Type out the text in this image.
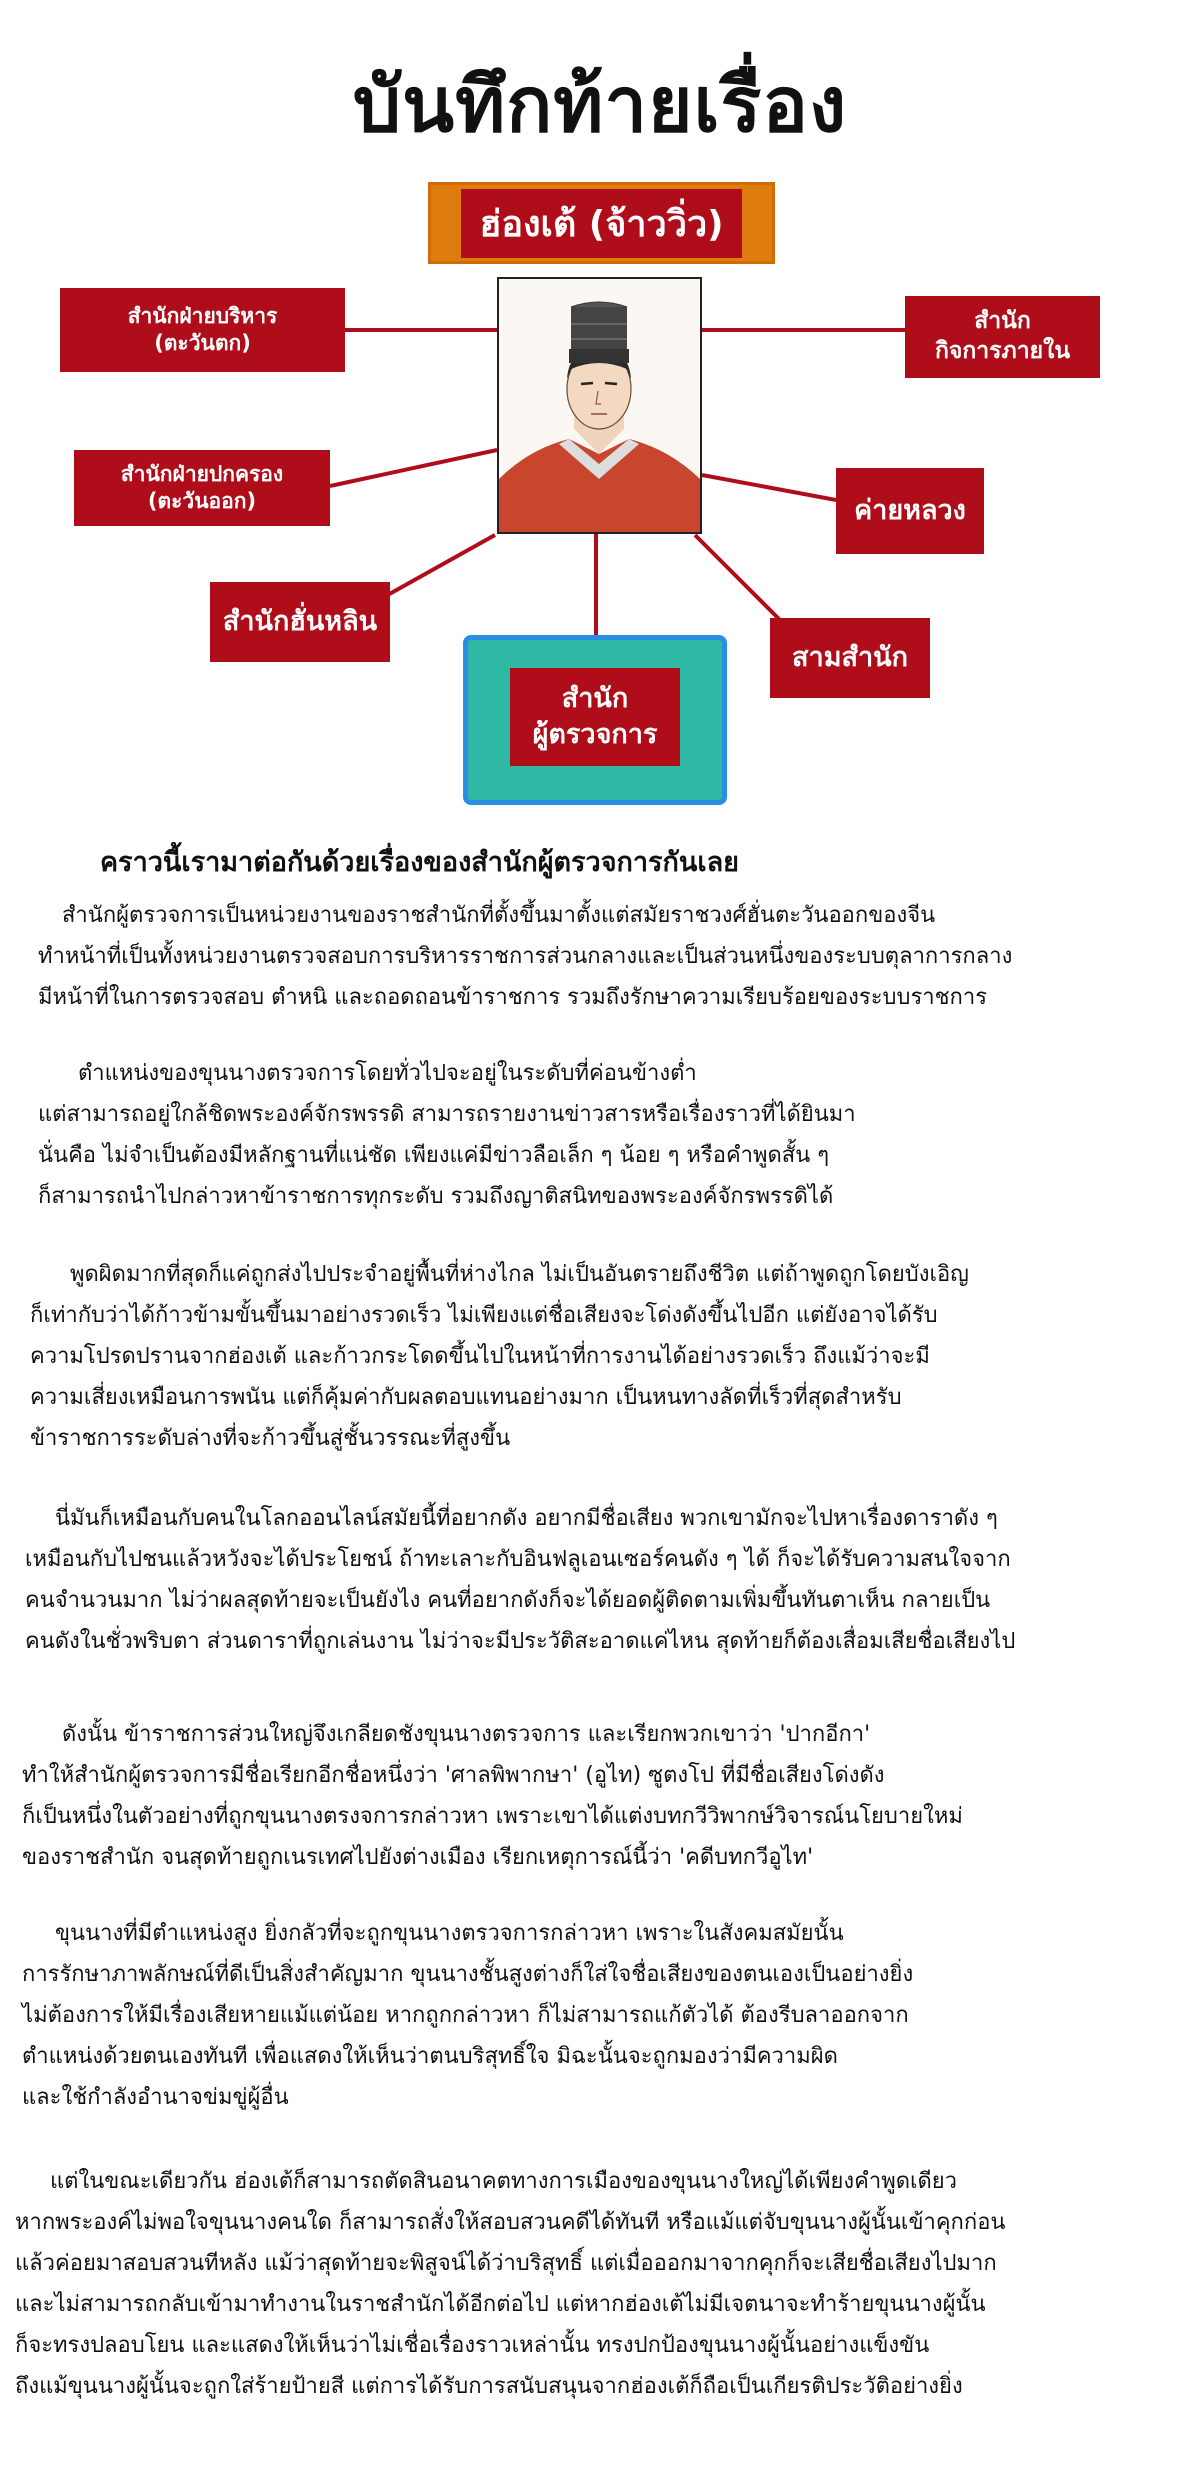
บันทึกท้ายเรื่อง
ฮ่องเต้ (จ้าววิ่ว)
สำนักฝ่ายบริหาร
(ตะวันตก)
สำนัก
กิจการภายใน
สำนักฝ่ายปกครอง
(ตะวันออก)	ค่ายหลวง
สำนักฮั่นหลิน
สามสำนัก
สำนัก
ผู้ตรวจการ
คราวนี้เรามาต่อกันด้วยเรื่องของสำนักผู้ตรวจการกันเลย
สำนักผู้ตรวจการเป็นหน่วยงานของราชสำนักที่ตั้งขึ้นมาตั้งแต่สมัยราชวงศ์ฮั่นตะวันออกของจีน
ทำหน้าที่เป็นทั้งหน่วยงานตรวจสอบการบริหารราชการส่วนกลางและเป็นส่วนหนึ่งของระบบตุลาการกลาง
มีหน้าที่ในการตรวจสอบ ตำหนิ และถอดถอนข้าราชการ รวมถึงรักษาความเรียบร้อยของระบบราชการ
ตำแหน่งของขุนนางตรวจการโดยทั่วไปจะอยู่ในระดับที่ค่อนข้างต่ำ
แต่สามารถอยู่ใกล้ชิดพระองค์จักรพรรดิ สามารถรายงานข่าวสารหรือเรื่องราวที่ได้ยินมา
นั่นคือ ไม่จำเป็นต้องมีหลักฐานที่แน่ชัด เพียงแค่มีข่าวลือเล็ก ๆ น้อย ๆ หรือคำพูดสั้น ๆ
ก็สามารถนำไปกล่าวหาข้าราชการทุกระดับ รวมถึงญาติสนิทของพระองค์จักรพรรดิได้
พูดผิดมากที่สุดก็แค่ถูกส่งไปประจำอยู่พื้นที่ห่างไกล ไม่เป็นอันตรายถึงชีวิต แต่ถ้าพูดถูกโดยบังเอิญ
ก็เท่ากับว่าได้ก้าวข้ามขั้นขึ้นมาอย่างรวดเร็ว ไม่เพียงแต่ชื่อเสียงจะโด่งดังขึ้นไปอีก แต่ยังอาจได้รับ
ความโปรดปรานจากฮ่องเต้ และก้าวกระโดดขึ้นไปในหน้าที่การงานได้อย่างรวดเร็ว ถึงแม้ว่าจะมี
ความเสี่ยงเหมือนการพนัน แต่ก็คุ้มค่ากับผลตอบแทนอย่างมาก เป็นหนทางลัดที่เร็วที่สุดสำหรับ
ข้าราชการระดับล่างที่จะก้าวขึ้นสู่ชั้นวรรณะที่สูงขึ้น
นี่มันก็เหมือนกับคนในโลกออนไลน์สมัยนี้ที่อยากดัง อยากมีชื่อเสียง พวกเขามักจะไปหาเรื่องดาราดัง ๆ
เหมือนกับไปชนแล้วหวังจะได้ประโยชน์ ถ้าทะเลาะกับอินฟลูเอนเซอร์คนดัง ๆ ได้ ก็จะได้รับความสนใจจาก
คนจำนวนมาก ไม่ว่าผลสุดท้ายจะเป็นยังไง คนที่อยากดังก็จะได้ยอดผู้ติดตามเพิ่มขึ้นทันตาเห็น กลายเป็น
คนดังในชั่วพริบตา ส่วนดาราที่ถูกเล่นงาน ไม่ว่าจะมีประวัติสะอาดแค่ไหน สุดท้ายก็ต้องเสื่อมเสียชื่อเสียงไป
ดังนั้น ข้าราชการส่วนใหญ่จึงเกลียดชังขุนนางตรวจการ และเรียกพวกเขาว่า 'ปากอีกา'
ทำให้สำนักผู้ตรวจการมีชื่อเรียกอีกชื่อหนึ่งว่า 'ศาลพิพากษา' (อูไท) ซูตงโป ที่มีชื่อเสียงโด่งดัง
ก็เป็นหนึ่งในตัวอย่างที่ถูกขุนนางตรงจการกล่าวหา เพราะเขาได้แต่งบทกวีวิพากษ์วิจารณ์นโยบายใหม่
ของราชสำนัก จนสุดท้ายถูกเนรเทศไปยังต่างเมือง เรียกเหตุการณ์นี้ว่า 'คดีบทกวีอูไท'
ขุนนางที่มีตำแหน่งสูง ยิ่งกลัวที่จะถูกขุนนางตรวจการกล่าวหา เพราะในสังคมสมัยนั้น
การรักษาภาพลักษณ์ที่ดีเป็นสิ่งสำคัญมาก ขุนนางชั้นสูงต่างก็ใส่ใจชื่อเสียงของตนเองเป็นอย่างยิ่ง
ไม่ต้องการให้มีเรื่องเสียหายแม้แต่น้อย หากถูกกล่าวหา ก็ไม่สามารถแก้ตัวได้ ต้องรีบลาออกจาก
ตำแหน่งด้วยตนเองทันที เพื่อแสดงให้เห็นว่าตนบริสุทธิ์ใจ มิฉะนั้นจะถูกมองว่ามีความผิด
และใช้กำลังอำนาจข่มขู่ผู้อื่น
แต่ในขณะเดียวกัน ฮ่องเต้ก็สามารถตัดสินอนาคตทางการเมืองของขุนนางใหญ่ได้เพียงคำพูดเดียว
หากพระองค์ไม่พอใจขุนนางคนใด ก็สามารถสั่งให้สอบสวนคดีได้ทันที หรือแม้แต่จับขุนนางผู้นั้นเข้าคุกก่อน
แล้วค่อยมาสอบสวนทีหลัง แม้ว่าสุดท้ายจะพิสูจน์ได้ว่าบริสุทธิ์ แต่เมื่อออกมาจากคุกก็จะเสียชื่อเสียงไปมาก
และไม่สามารถกลับเข้ามาทำงานในราชสำนักได้อีกต่อไป แต่หากฮ่องเต้ไม่มีเจตนาจะทำร้ายขุนนางผู้นั้น
ก็จะทรงปลอบโยน และแสดงให้เห็นว่าไม่เชื่อเรื่องราวเหล่านั้น ทรงปกป้องขุนนางผู้นั้นอย่างแข็งขัน
ถึงแม้ขุนนางผู้นั้นจะถูกใส่ร้ายป้ายสี แต่การได้รับการสนับสนุนจากฮ่องเต้ก็ถือเป็นเกียรติประวัติอย่างยิ่ง
